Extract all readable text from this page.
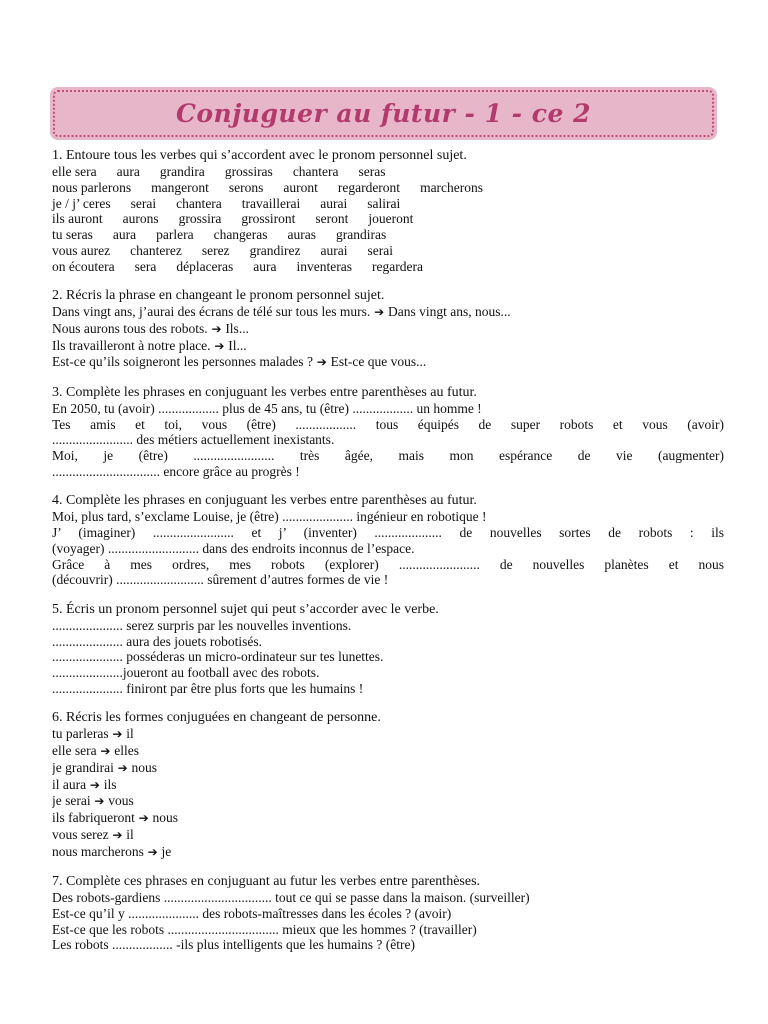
Conjuguer au futur - 1 - ce 2
1. Entoure tous les verbes qui s’accordent avec le pronom personnel sujet.
elle sera aura grandira grossiras chantera seras
nous parlerons mangeront serons auront regarderont marcherons
je / j’ ceres serai chantera travaillerai aurai salirai
ils auront aurons grossira grossiront seront joueront
tu seras aura parlera changeras auras grandiras
vous aurez chanterez serez grandirez aurai serai
on écoutera sera déplaceras aura inventeras regardera
2. Récris la phrase en changeant le pronom personnel sujet.
Dans vingt ans, j’aurai des écrans de télé sur tous les murs. ➔ Dans vingt ans, nous...
Nous aurons tous des robots. ➔ Ils...
Ils travailleront à notre place. ➔ Il...
Est-ce qu’ils soigneront les personnes malades ? ➔ Est-ce que vous...
3. Complète les phrases en conjuguant les verbes entre parenthèses au futur.
En 2050, tu (avoir) .................. plus de 45 ans, tu (être) .................. un homme !
Tes amis et toi, vous (être) .................. tous équipés de super robots et vous (avoir)
........................ des métiers actuellement inexistants.
Moi, je (être) ........................ très âgée, mais mon espérance de vie (augmenter)
................................ encore grâce au progrès !
4. Complète les phrases en conjuguant les verbes entre parenthèses au futur.
Moi, plus tard, s’exclame Louise, je (être) ..................... ingénieur en robotique !
J’ (imaginer) ........................ et j’ (inventer) .................... de nouvelles sortes de robots : ils
(voyager) ........................... dans des endroits inconnus de l’espace.
Grâce à mes ordres, mes robots (explorer) ........................ de nouvelles planètes et nous
(découvrir) .......................... sûrement d’autres formes de vie !
5. Écris un pronom personnel sujet qui peut s’accorder avec le verbe.
..................... serez surpris par les nouvelles inventions.
..................... aura des jouets robotisés.
..................... posséderas un micro-ordinateur sur tes lunettes.
.....................joueront au football avec des robots.
..................... finiront par être plus forts que les humains !
6. Récris les formes conjuguées en changeant de personne.
tu parleras ➔ il
elle sera ➔ elles
je grandirai ➔ nous
il aura ➔ ils
je serai ➔ vous
ils fabriqueront ➔ nous
vous serez ➔ il
nous marcherons ➔ je
7. Complète ces phrases en conjuguant au futur les verbes entre parenthèses.
Des robots-gardiens ................................ tout ce qui se passe dans la maison. (surveiller)
Est-ce qu’il y ..................... des robots-maîtresses dans les écoles ? (avoir)
Est-ce que les robots ................................. mieux que les hommes ? (travailler)
Les robots .................. -ils plus intelligents que les humains ? (être)
